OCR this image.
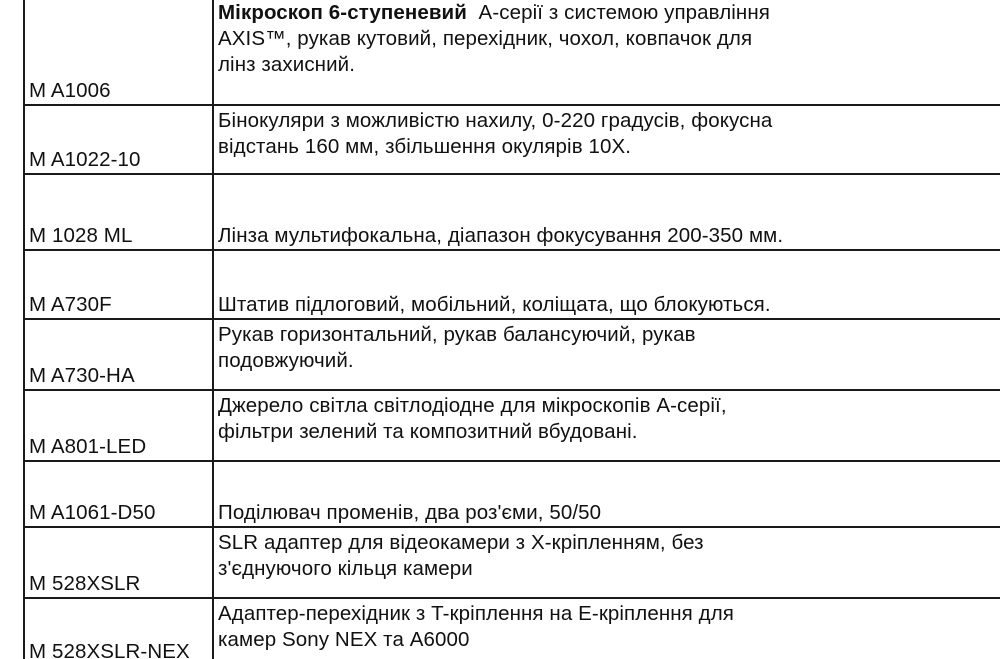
M A1006	Мікроскоп 6-ступеневий А-серії з системою управління
AXIS™, рукав кутовий, перехідник, чохол, ковпачок для
лінз захисний.

M A1022-10	Бінокуляри з можливістю нахилу, 0-220 градусів, фокусна
відстань 160 мм, збільшення окулярів 10X.

M 1028 ML	Лінза мультифокальна, діапазон фокусування 200-350 мм.

M A730F	Штатив підлоговий, мобільний, коліщата, що блокуються.

M A730-HA	Рукав горизонтальний, рукав балансуючий, рукав
подовжуючий.

M A801-LED	Джерело світла світлодіодне для мікроскопів А-серії,
фільтри зелений та композитний вбудовані.

M A1061-D50	Поділювач променів, два роз'єми, 50/50

M 528XSLR	SLR адаптер для відеокамери з X-кріпленням, без
з'єднуючого кільця камери

M 528XSLR-NEX	Адаптер-перехідник з T-кріплення на E-кріплення для
камер Sony NEX та A6000
